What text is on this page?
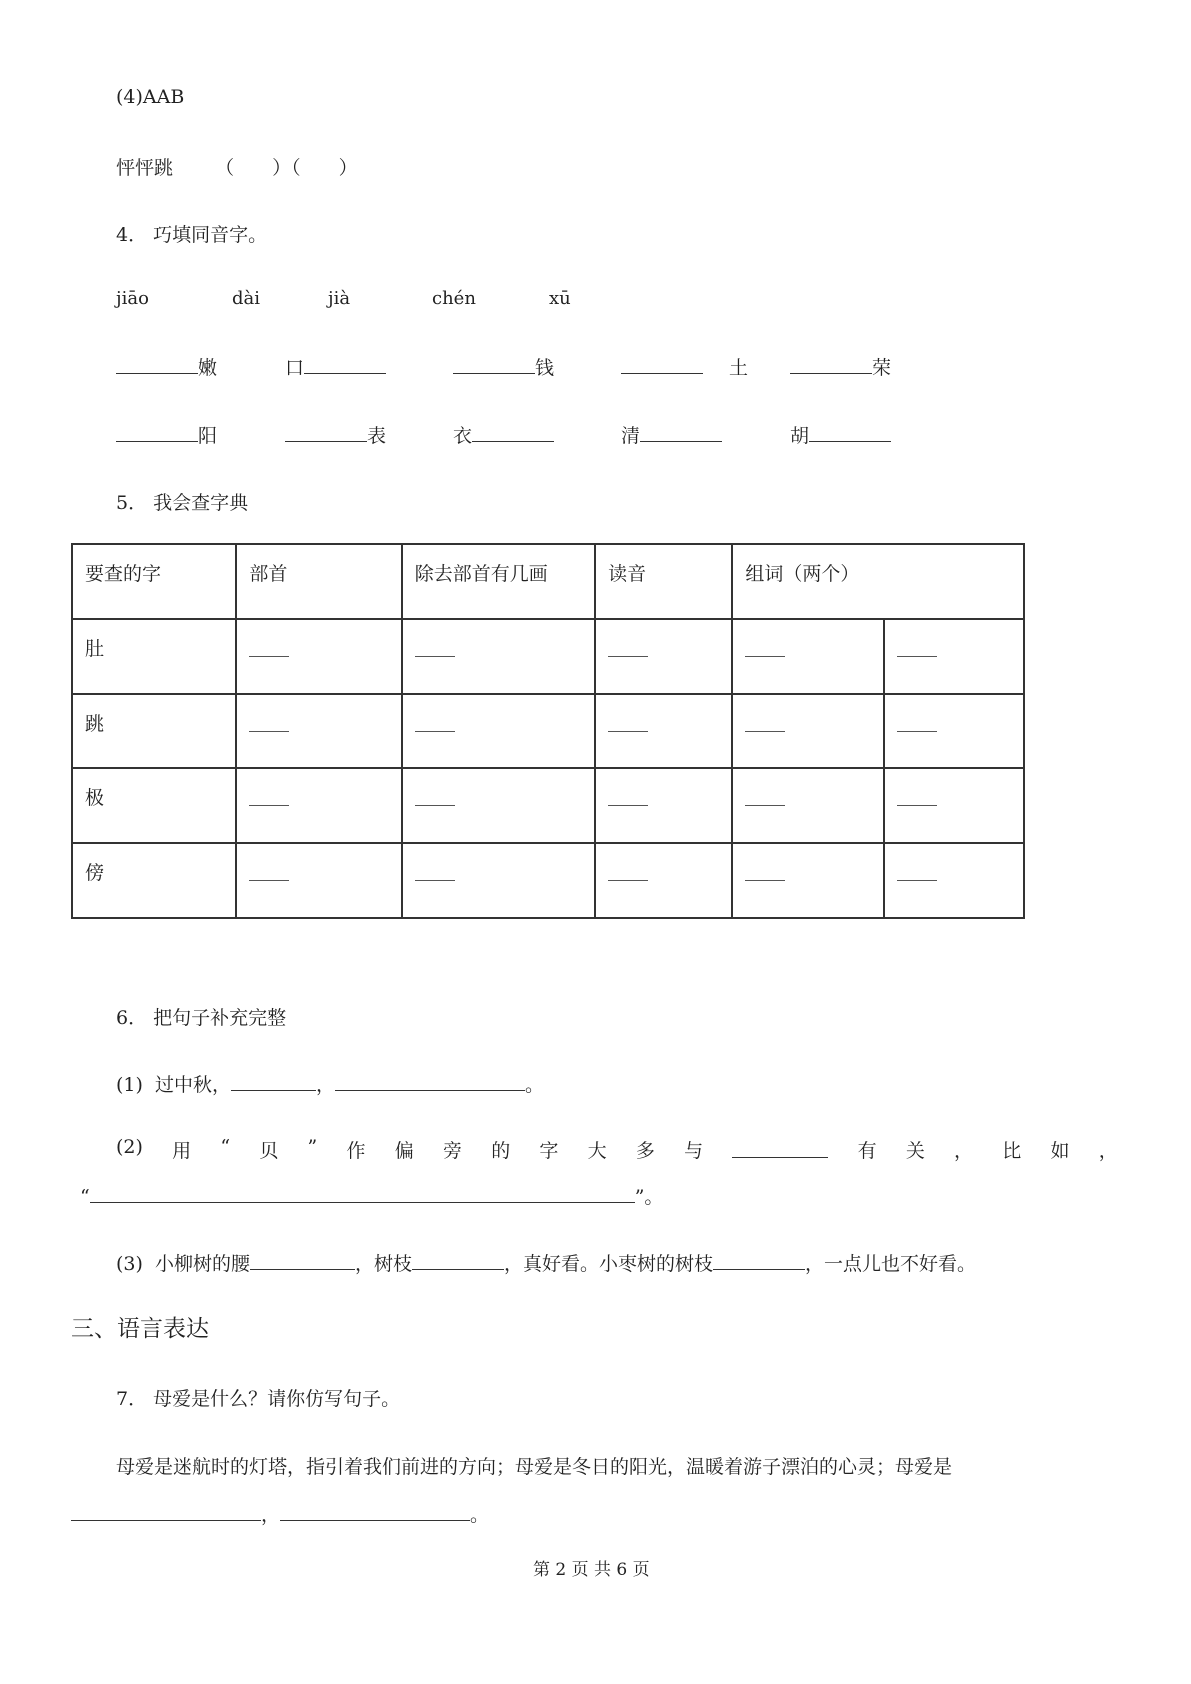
(4)AAB
怦怦跳 （　　）（　　）
4． 巧填同音字。
jiāo	dài	jià	chén	xū
嫩	口	钱	土	荣
阳	表	衣	清	胡
5． 我会查字典
要查的字	部首	除去部首有几画	读音	组词（两个）	
肚					
跳					
极					
傍					
6． 把句子补充完整
(1) 过中秋，	，	。
(2) 用 “ 贝 ” 作 偏 旁 的 字 大 多 与	有 关 ， 比 如 ，
“	”。
(3) 小柳树的腰	，树枝	，真好看。小枣树的树枝	，一点儿也不好看。
三、语言表达
7． 母爱是什么？请你仿写句子。
母爱是迷航时的灯塔，指引着我们前进的方向；母爱是冬日的阳光，温暖着游子漂泊的心灵；母爱是
，	。
第 2 页 共 6 页
